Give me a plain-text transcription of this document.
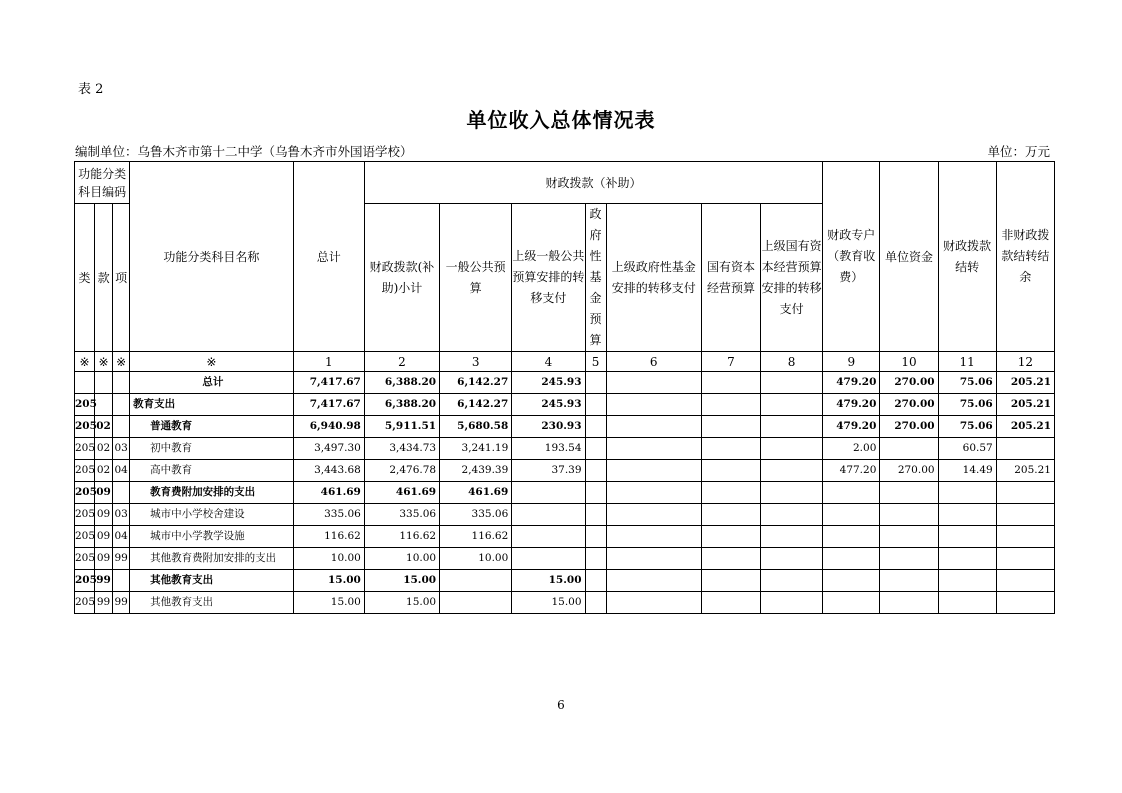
表 2
单位收入总体情况表
编制单位：乌鲁木齐市第十二中学（乌鲁木齐市外国语学校）	单位：万元
功能分类科目编码			功能分类科目名称	总计	财政拨款（补助）							财政专户（教育收费）	单位资金	财政拨款结转	非财政拨款结转结余
类	款	项			财政拨款(补助)小计	一般公共预算	上级一般公共预算安排的转移支付	政府性基金预算	上级政府性基金安排的转移支付	国有资本经营预算	上级国有资本经营预算安排的转移支付				
※	※	※	※	1	2	3	4	5	6	7	8	9	10	11	12
			总计	7,417.67	6,388.20	6,142.27	245.93					479.20	270.00	75.06	205.21
205			教育支出	7,417.67	6,388.20	6,142.27	245.93					479.20	270.00	75.06	205.21
205	02		普通教育	6,940.98	5,911.51	5,680.58	230.93					479.20	270.00	75.06	205.21
205	02	03	初中教育	3,497.30	3,434.73	3,241.19	193.54					2.00		60.57	
205	02	04	高中教育	3,443.68	2,476.78	2,439.39	37.39					477.20	270.00	14.49	205.21
205	09		教育费附加安排的支出	461.69	461.69	461.69									
205	09	03	城市中小学校舍建设	335.06	335.06	335.06									
205	09	04	城市中小学教学设施	116.62	116.62	116.62									
205	09	99	其他教育费附加安排的支出	10.00	10.00	10.00									
205	99		其他教育支出	15.00	15.00		15.00								
205	99	99	其他教育支出	15.00	15.00		15.00								
6
